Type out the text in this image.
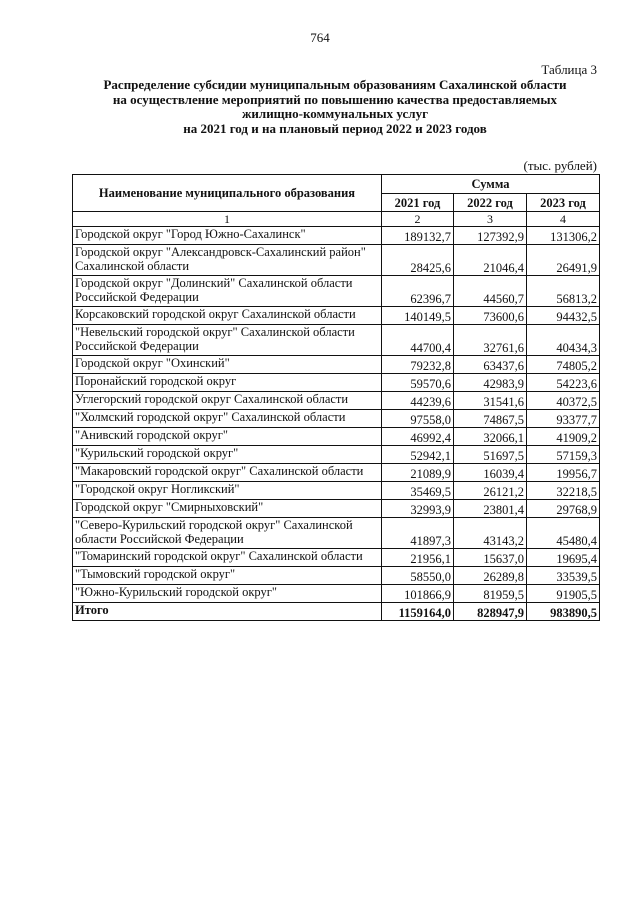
764
Таблица 3
Распределение субсидии муниципальным образованиям Сахалинской области
на осуществление мероприятий по повышению качества предоставляемых
жилищно-коммунальных услуг
на 2021 год и на плановый период 2022 и 2023 годов
(тыс. рублей)
Наименование муниципального образования	Сумма		
	2021 год	2022 год	2023 год
1	2	3	4
Городской округ "Город Южно-Сахалинск"	189132,7	127392,9	131306,2
Городской округ "Александровск-Сахалинский район" Сахалинской области	28425,6	21046,4	26491,9
Городской округ "Долинский" Сахалинской области Российской Федерации	62396,7	44560,7	56813,2
Корсаковский городской округ Сахалинской области	140149,5	73600,6	94432,5
"Невельский городской округ" Сахалинской области Российской Федерации	44700,4	32761,6	40434,3
Городской округ "Охинский"	79232,8	63437,6	74805,2
Поронайский городской округ	59570,6	42983,9	54223,6
Углегорский городской округ Сахалинской области	44239,6	31541,6	40372,5
"Холмский городской округ" Сахалинской области	97558,0	74867,5	93377,7
"Анивский городской округ"	46992,4	32066,1	41909,2
"Курильский городской округ"	52942,1	51697,5	57159,3
"Макаровский городской округ" Сахалинской области	21089,9	16039,4	19956,7
"Городской округ Ногликский"	35469,5	26121,2	32218,5
Городской округ "Смирныховский"	32993,9	23801,4	29768,9
"Северо-Курильский городской округ" Сахалинской области Российской Федерации	41897,3	43143,2	45480,4
"Томаринский городской округ" Сахалинской области	21956,1	15637,0	19695,4
"Тымовский городской округ"	58550,0	26289,8	33539,5
"Южно-Курильский городской округ"	101866,9	81959,5	91905,5
Итого	1159164,0	828947,9	983890,5
